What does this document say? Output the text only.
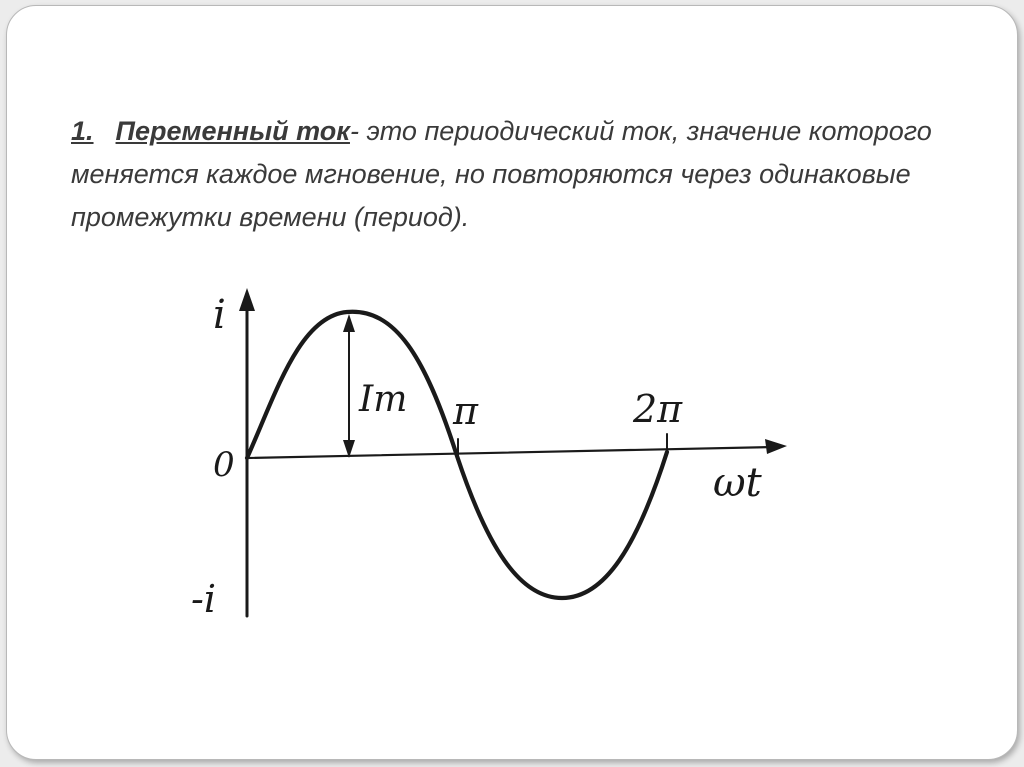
1. Переменный ток- это периодический ток, значение которого меняется каждое мгновение, но повторяются через одинаковые промежутки времени (период).

i
0
-i
Im π	2π
ωt
